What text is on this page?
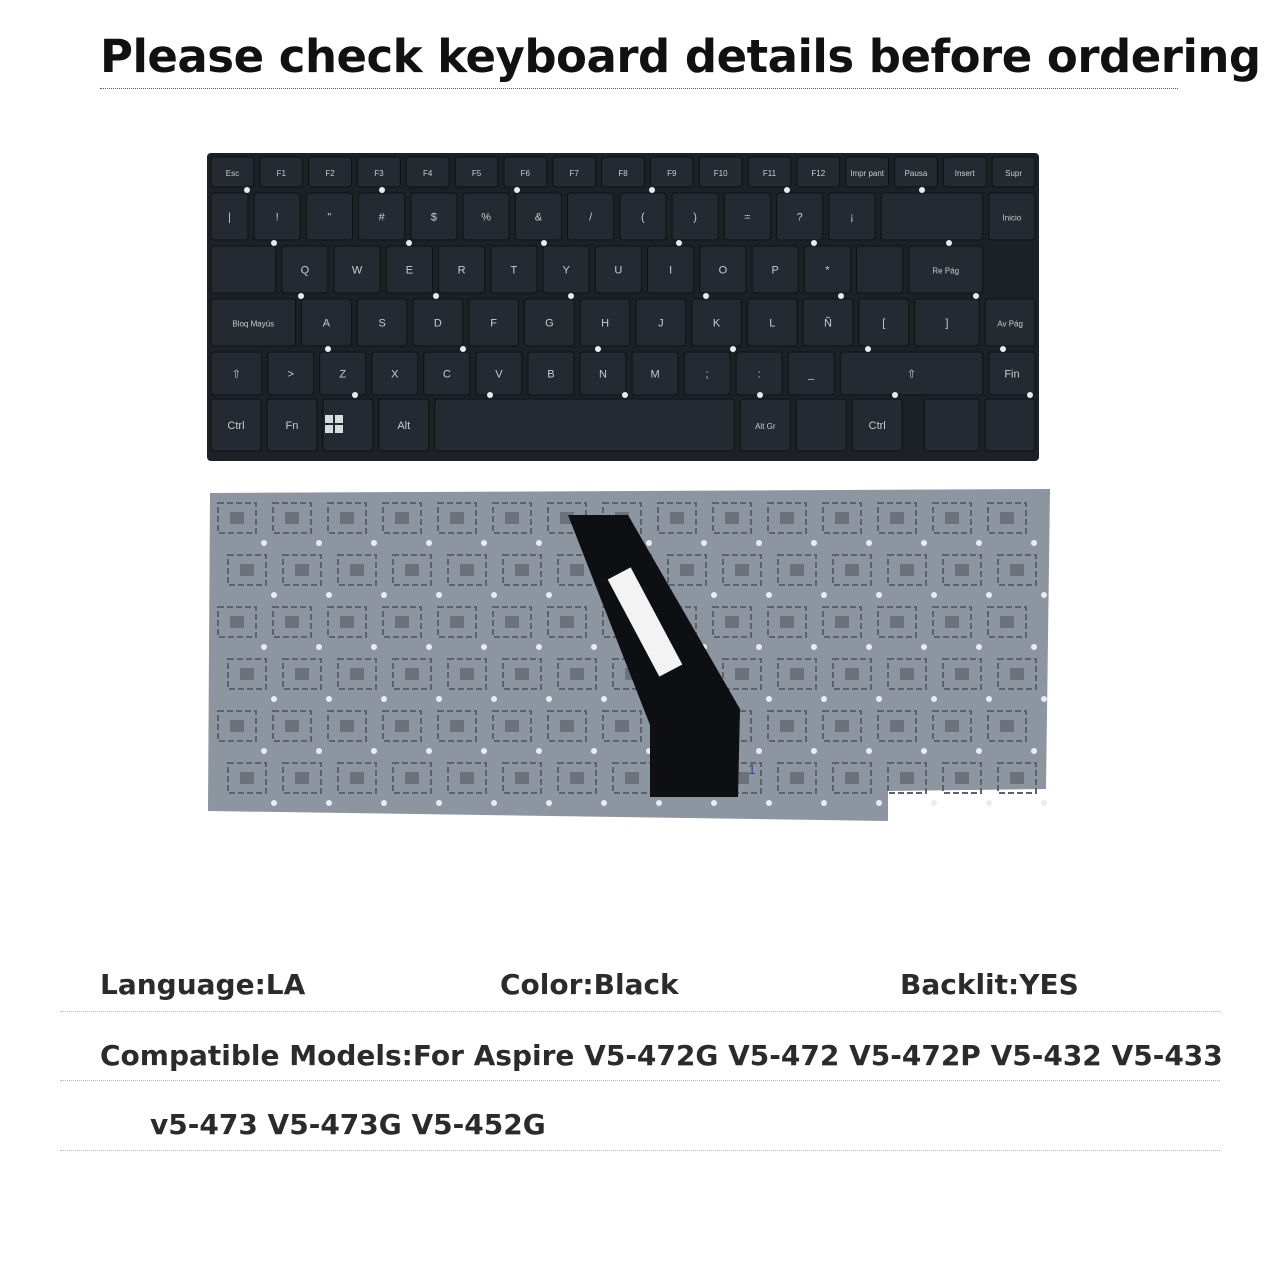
Please check keyboard details before ordering
Esc	F1	F2	F3	F4	F5	F6	F7	F8	F9	F10	F11	F12	Impr pant	Pausa	Insert	Supr
|	!	"	#	$	%	&	/	(	)	=	?	¡	Inicio
Q	W	E	R	T	Y	U	I	O	P	*	Re Pág
Bloq Mayús	A	S	D	F	G	H	J	K	L	Ñ	[	]	Av Pág
⇧	>	Z	X	C	V	B	N	M	;	:	_	⇧	Fin
Ctrl	Fn	Alt	Alt Gr	Ctrl
1
Language:LA	Color:Black	Backlit:YES
Compatible Models:For Aspire V5-472G V5-472 V5-472P V5-432 V5-433
v5-473 V5-473G V5-452G
